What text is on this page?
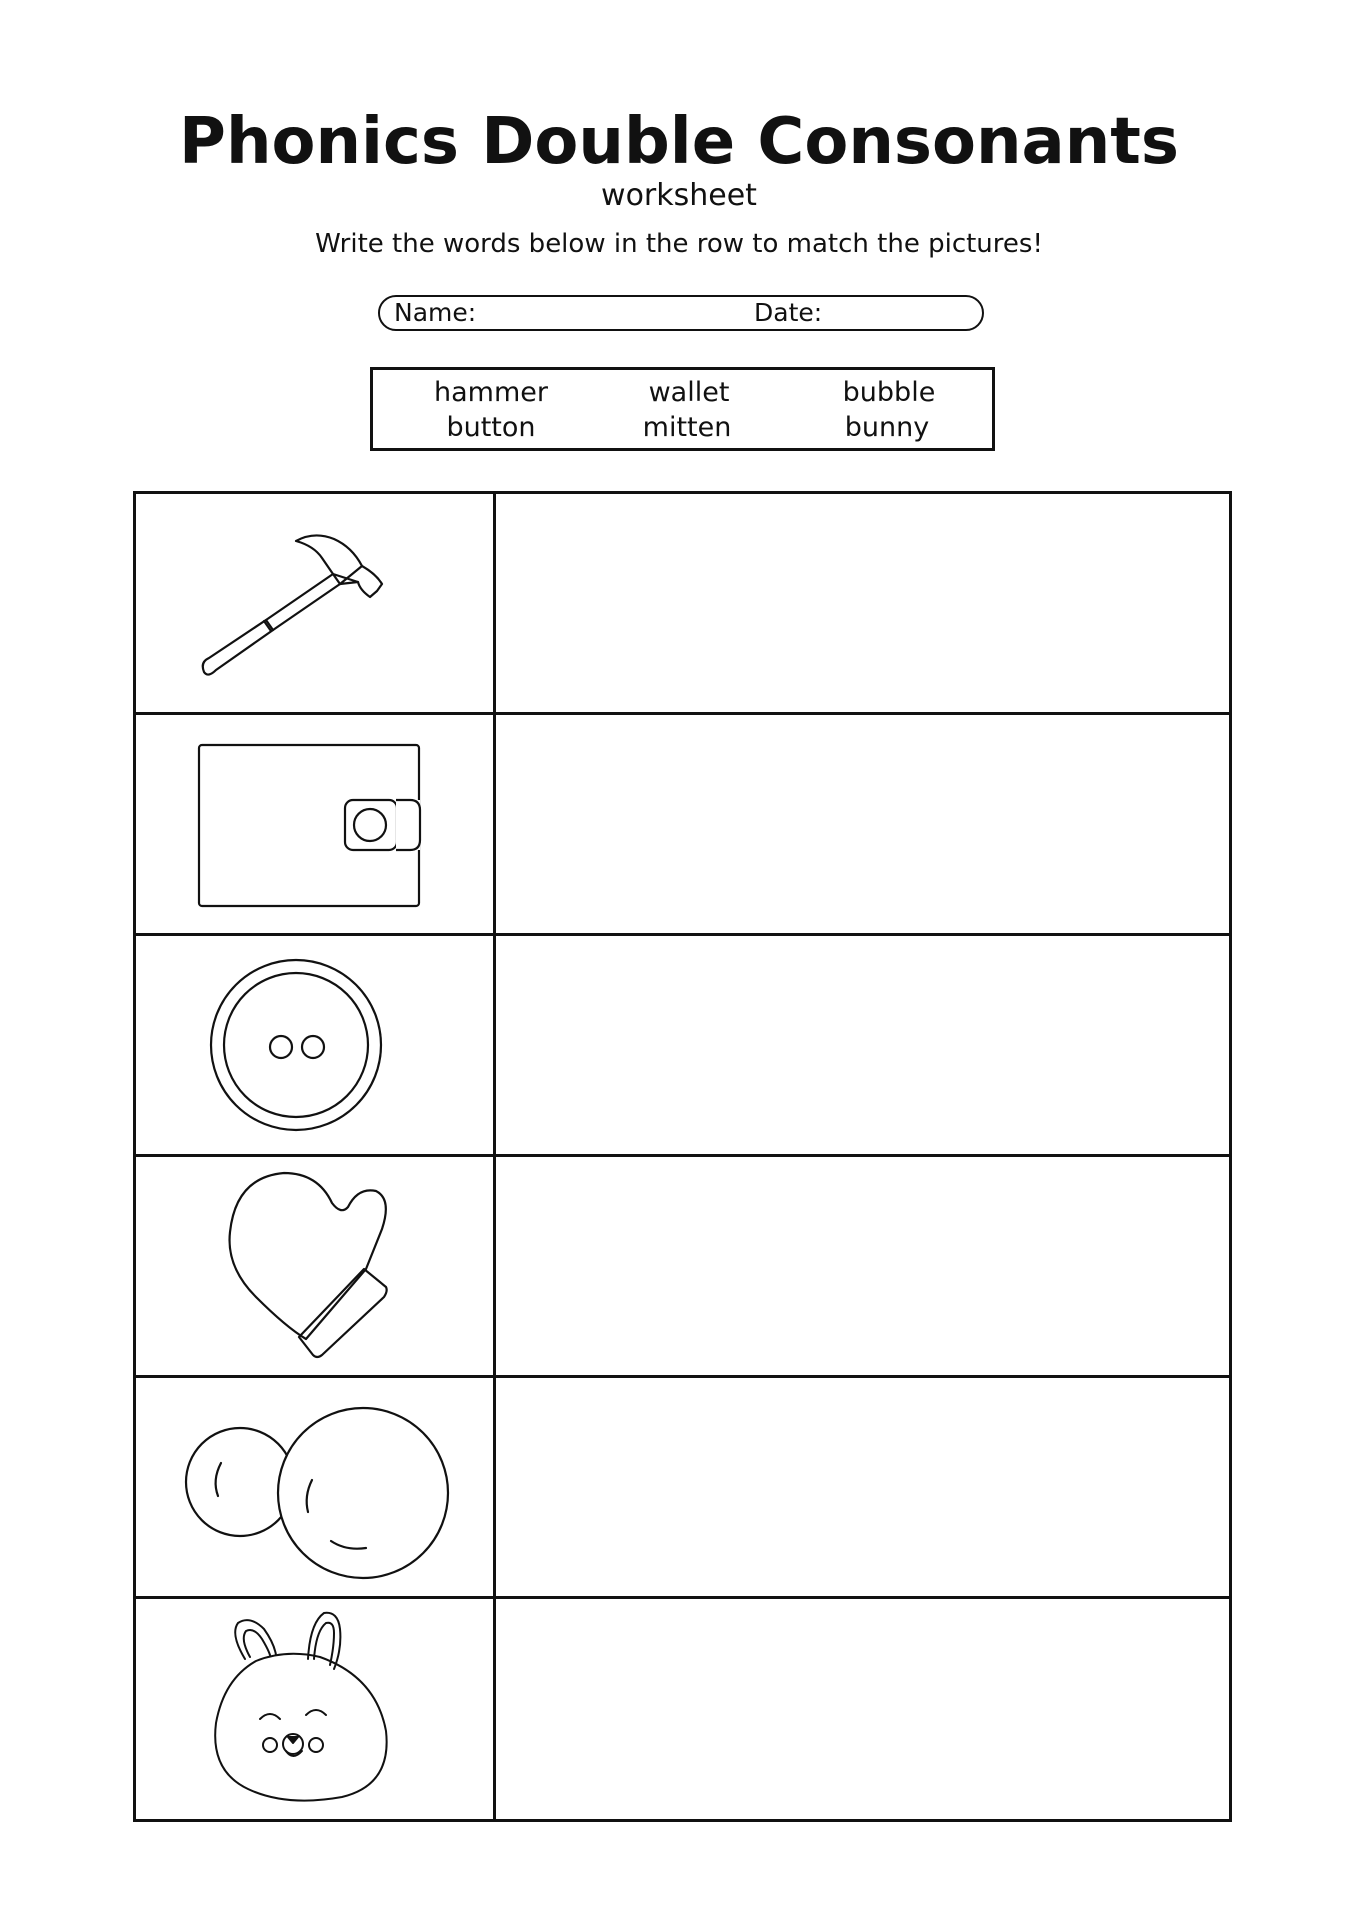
Phonics Double Consonants
worksheet
Write the words below in the row to match the pictures!
Name:	Date:
hammer	wallet	bubble
button	mitten	bunny
